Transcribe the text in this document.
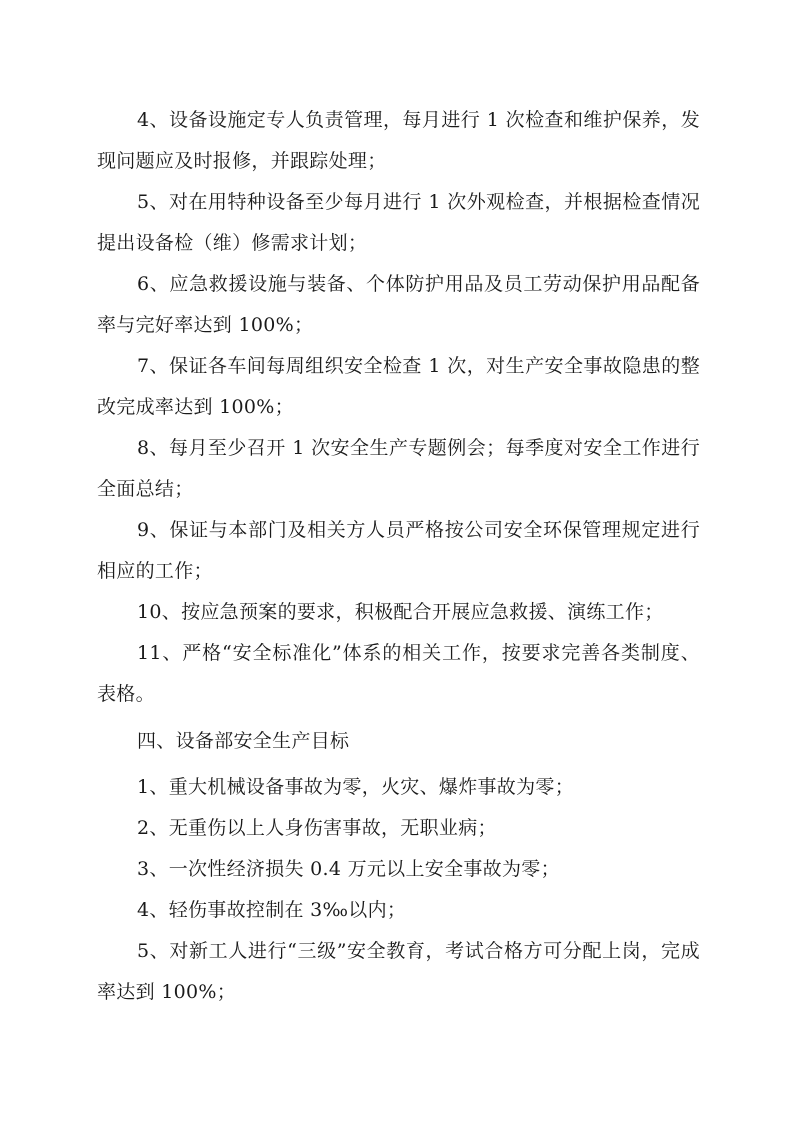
4、设备设施定专人负责管理，每月进行 1 次检查和维护保养，发现问题应及时报修，并跟踪处理；

5、对在用特种设备至少每月进行 1 次外观检查，并根据检查情况提出设备检（维）修需求计划；

6、应急救援设施与装备、个体防护用品及员工劳动保护用品配备率与完好率达到 100%；

7、保证各车间每周组织安全检查 1 次，对生产安全事故隐患的整改完成率达到 100%；

8、每月至少召开 1 次安全生产专题例会；每季度对安全工作进行全面总结；

9、保证与本部门及相关方人员严格按公司安全环保管理规定进行相应的工作；

10、按应急预案的要求，积极配合开展应急救援、演练工作；

11、严格“安全标准化”体系的相关工作，按要求完善各类制度、表格。

四、设备部安全生产目标

1、重大机械设备事故为零，火灾、爆炸事故为零；

2、无重伤以上人身伤害事故，无职业病；

3、一次性经济损失 0.4 万元以上安全事故为零；

4、轻伤事故控制在 3‰以内；

5、对新工人进行“三级”安全教育，考试合格方可分配上岗，完成率达到 100%；
